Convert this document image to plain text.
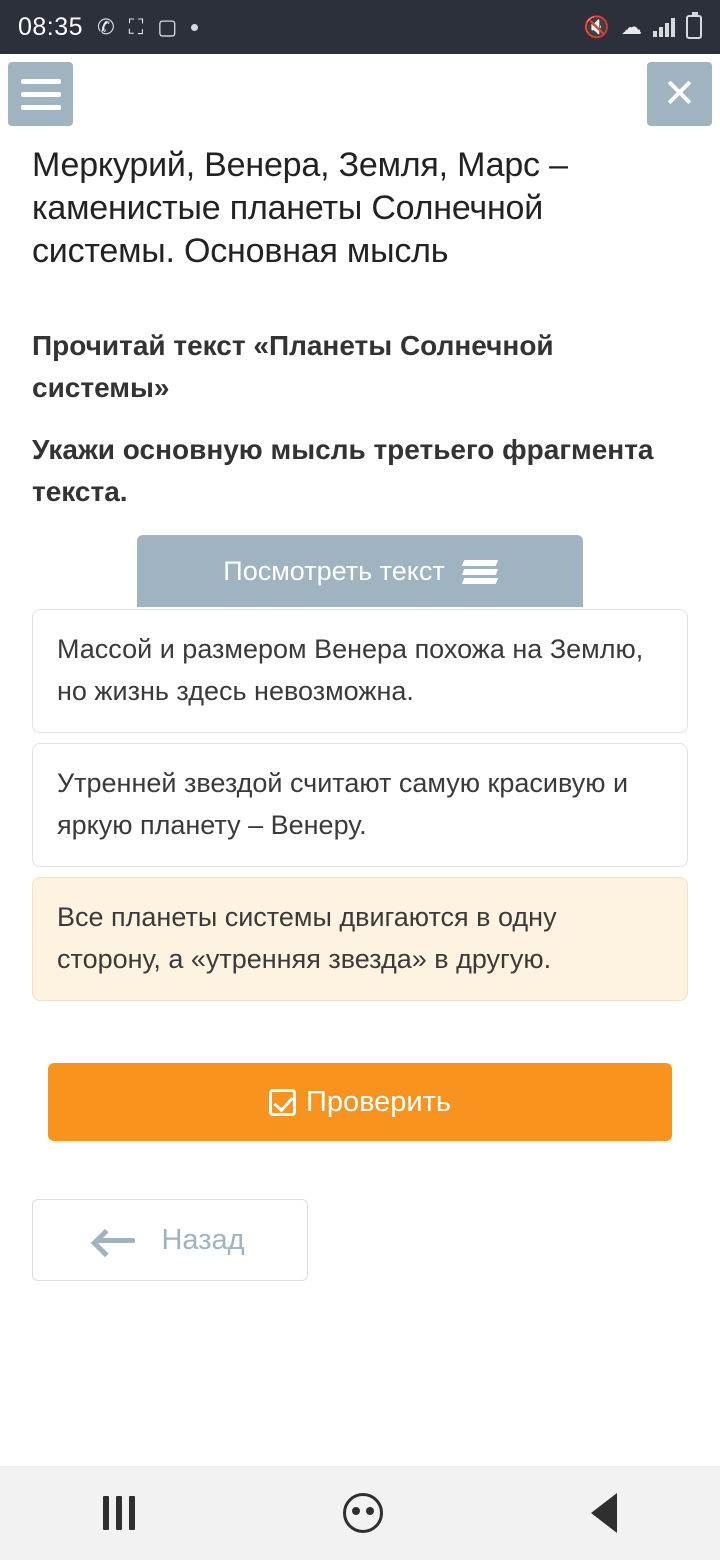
08:35 ✆ ⛶ ▢	🔇 ☁
✕
Меркурий, Венера, Земля, Марс – каменистые планеты Солнечной системы. Основная мысль
Прочитай текст «Планеты Солнечной системы»
Укажи основную мысль третьего фрагмента текста.
Посмотреть текст
Массой и размером Венера похожа на Землю, но жизнь здесь невозможна.
Утренней звездой считают самую красивую и яркую планету – Венеру.
Все планеты системы двигаются в одну сторону, а «утренняя звезда» в другую.
Проверить
Назад
